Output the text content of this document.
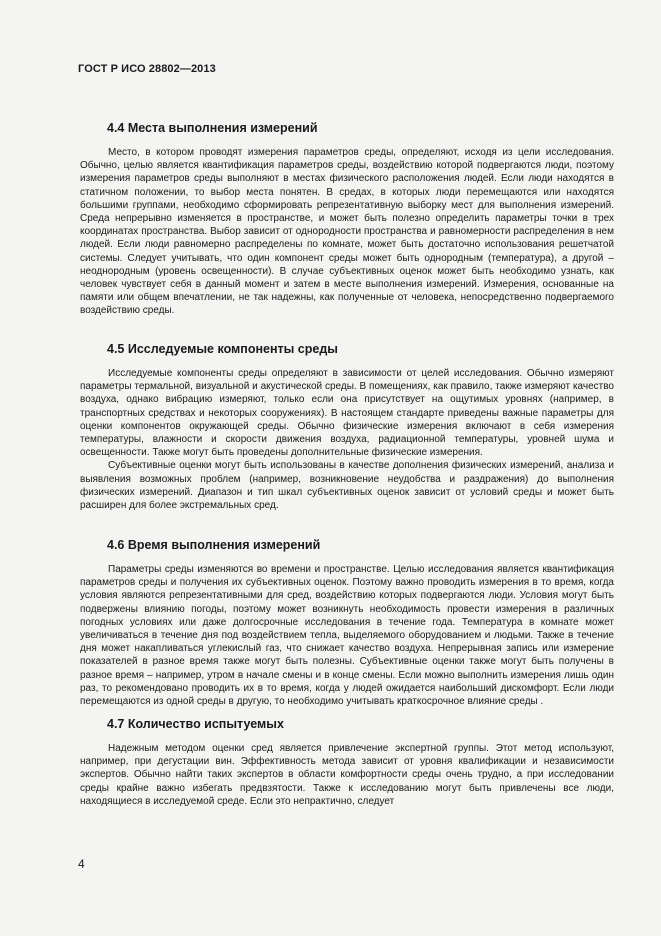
ГОСТ Р ИСО 28802—2013
4.4 Места выполнения измерений

Место, в котором проводят измерения параметров среды, определяют, исходя из цели исследования. Обычно, целью является квантификация параметров среды, воздействию которой подвергаются люди, поэтому измерения параметров среды выполняют в местах физического расположения людей. Если люди находятся в статичном положении, то выбор места понятен. В средах, в которых люди перемещаются или находятся большими группами, необходимо сформировать репрезентативную выборку мест для выполнения измерений. Среда непрерывно изменяется в пространстве, и может быть полезно определить параметры точки в трех координатах пространства. Выбор зависит от однородности пространства и равномерности распределения в нем людей. Если люди равномерно распределены по комнате, может быть достаточно использования решетчатой системы. Следует учитывать, что один компонент среды может быть однородным (температура), а другой – неоднородным (уровень освещенности). В случае субъективных оценок может быть необходимо узнать, как человек чувствует себя в данный момент и затем в месте выполнения измерений. Измерения, основанные на памяти или общем впечатлении, не так надежны, как полученные от человека, непосредственно подвергаемого воздействию среды.

4.5 Исследуемые компоненты среды

Исследуемые компоненты среды определяют в зависимости от целей исследования. Обычно измеряют параметры термальной, визуальной и акустической среды. В помещениях, как правило, также измеряют качество воздуха, однако вибрацию измеряют, только если она присутствует на ощутимых уровнях (например, в транспортных средствах и некоторых сооружениях). В настоящем стандарте приведены важные параметры для оценки компонентов окружающей среды. Обычно физические измерения включают в себя измерения температуры, влажности и скорости движения воздуха, радиационной температуры, уровней шума и освещенности. Также могут быть проведены дополнительные физические измерения.

Субъективные оценки могут быть использованы в качестве дополнения физических измерений, анализа и выявления возможных проблем (например, возникновение неудобства и раздражения) до выполнения физических измерений. Диапазон и тип шкал субъективных оценок зависит от условий среды и может быть расширен для более экстремальных сред.

4.6 Время выполнения измерений

Параметры среды изменяются во времени и пространстве. Целью исследования является квантификация параметров среды и получения их субъективных оценок. Поэтому важно проводить измерения в то время, когда условия являются репрезентативными для сред, воздействию которых подвергаются люди. Условия могут быть подвержены влиянию погоды, поэтому может возникнуть необходимость провести измерения в различных погодных условиях или даже долгосрочные исследования в течение года. Температура в комнате может увеличиваться в течение дня под воздействием тепла, выделяемого оборудованием и людьми. Также в течение дня может накапливаться углекислый газ, что снижает качество воздуха. Непрерывная запись или измерение показателей в разное время также могут быть полезны. Субъективные оценки также могут быть получены в разное время – например, утром в начале смены и в конце смены. Если можно выполнить измерения лишь один раз, то рекомендовано проводить их в то время, когда у людей ожидается наибольший дискомфорт. Если люди перемещаются из одной среды в другую, то необходимо учитывать краткосрочное влияние среды .

4.7 Количество испытуемых

Надежным методом оценки сред является привлечение экспертной группы. Этот метод используют, например, при дегустации вин. Эффективность метода зависит от уровня квалификации и независимости экспертов. Обычно найти таких экспертов в области комфортности среды очень трудно, а при исследовании среды крайне важно избегать предвзятости. Также к исследованию могут быть привлечены все люди, находящиеся в исследуемой среде. Если это непрактично, следует

4
